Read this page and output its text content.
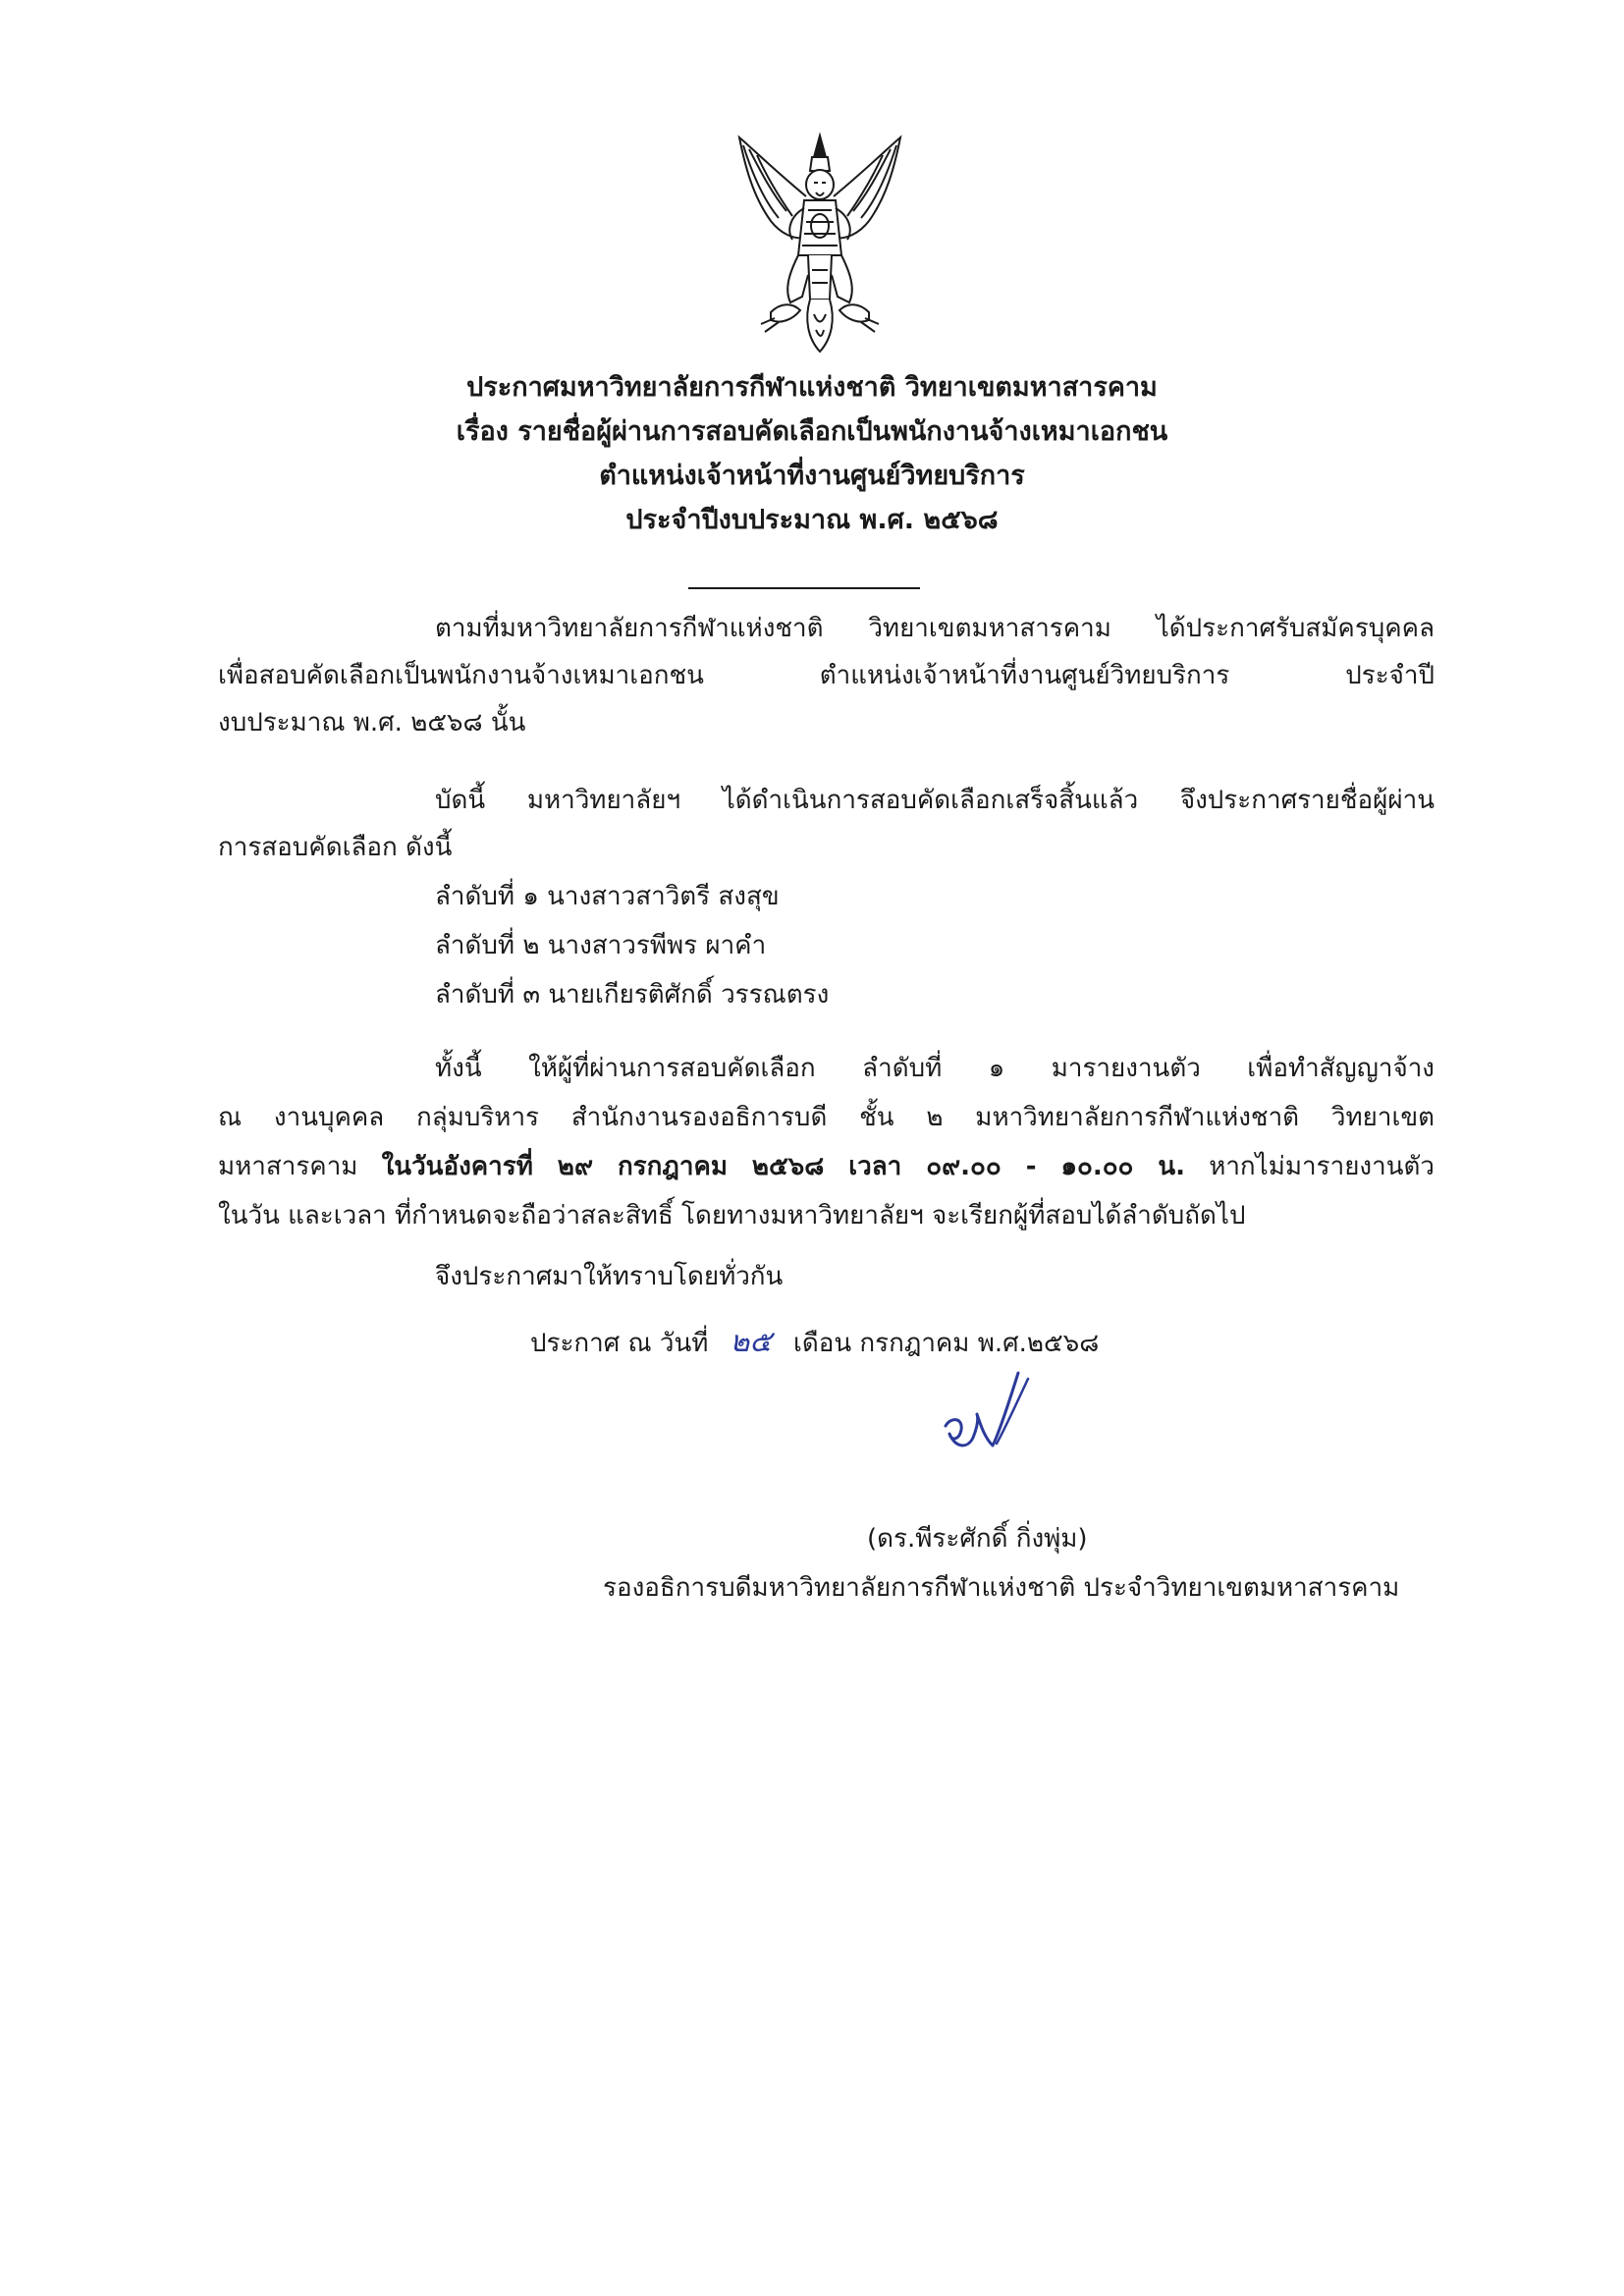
ประกาศมหาวิทยาลัยการกีฬาแห่งชาติ วิทยาเขตมหาสารคาม
เรื่อง รายชื่อผู้ผ่านการสอบคัดเลือกเป็นพนักงานจ้างเหมาเอกชน
ตำแหน่งเจ้าหน้าที่งานศูนย์วิทยบริการ
ประจำปีงบประมาณ พ.ศ. ๒๕๖๘
ตามที่มหาวิทยาลัยการกีฬาแห่งชาติ วิทยาเขตมหาสารคาม ได้ประกาศรับสมัครบุคคล
เพื่อสอบคัดเลือกเป็นพนักงานจ้างเหมาเอกชน ตำแหน่งเจ้าหน้าที่งานศูนย์วิทยบริการ ประจำปี
งบประมาณ พ.ศ. ๒๕๖๘ นั้น
บัดนี้ มหาวิทยาลัยฯ ได้ดำเนินการสอบคัดเลือกเสร็จสิ้นแล้ว จึงประกาศรายชื่อผู้ผ่าน
การสอบคัดเลือก ดังนี้
ลำดับที่ ๑ นางสาวสาวิตรี สงสุข
ลำดับที่ ๒ นางสาวรพีพร ผาคำ
ลำดับที่ ๓ นายเกียรติศักดิ์ วรรณตรง
ทั้งนี้ ให้ผู้ที่ผ่านการสอบคัดเลือก ลำดับที่ ๑ มารายงานตัว เพื่อทำสัญญาจ้าง
ณ งานบุคคล กลุ่มบริหาร สำนักงานรองอธิการบดี ชั้น ๒ มหาวิทยาลัยการกีฬาแห่งชาติ วิทยาเขต
มหาสารคาม ในวันอังคารที่ ๒๙ กรกฎาคม ๒๕๖๘ เวลา ๐๙.๐๐ - ๑๐.๐๐ น. หากไม่มารายงานตัว
ในวัน และเวลา ที่กำหนดจะถือว่าสละสิทธิ์ โดยทางมหาวิทยาลัยฯ จะเรียกผู้ที่สอบได้ลำดับถัดไป
จึงประกาศมาให้ทราบโดยทั่วกัน
ประกาศ ณ วันที่ ๒๕ เดือน กรกฎาคม พ.ศ.๒๕๖๘
(ดร.พีระศักดิ์ กิ่งพุ่ม)
รองอธิการบดีมหาวิทยาลัยการกีฬาแห่งชาติ ประจำวิทยาเขตมหาสารคาม
